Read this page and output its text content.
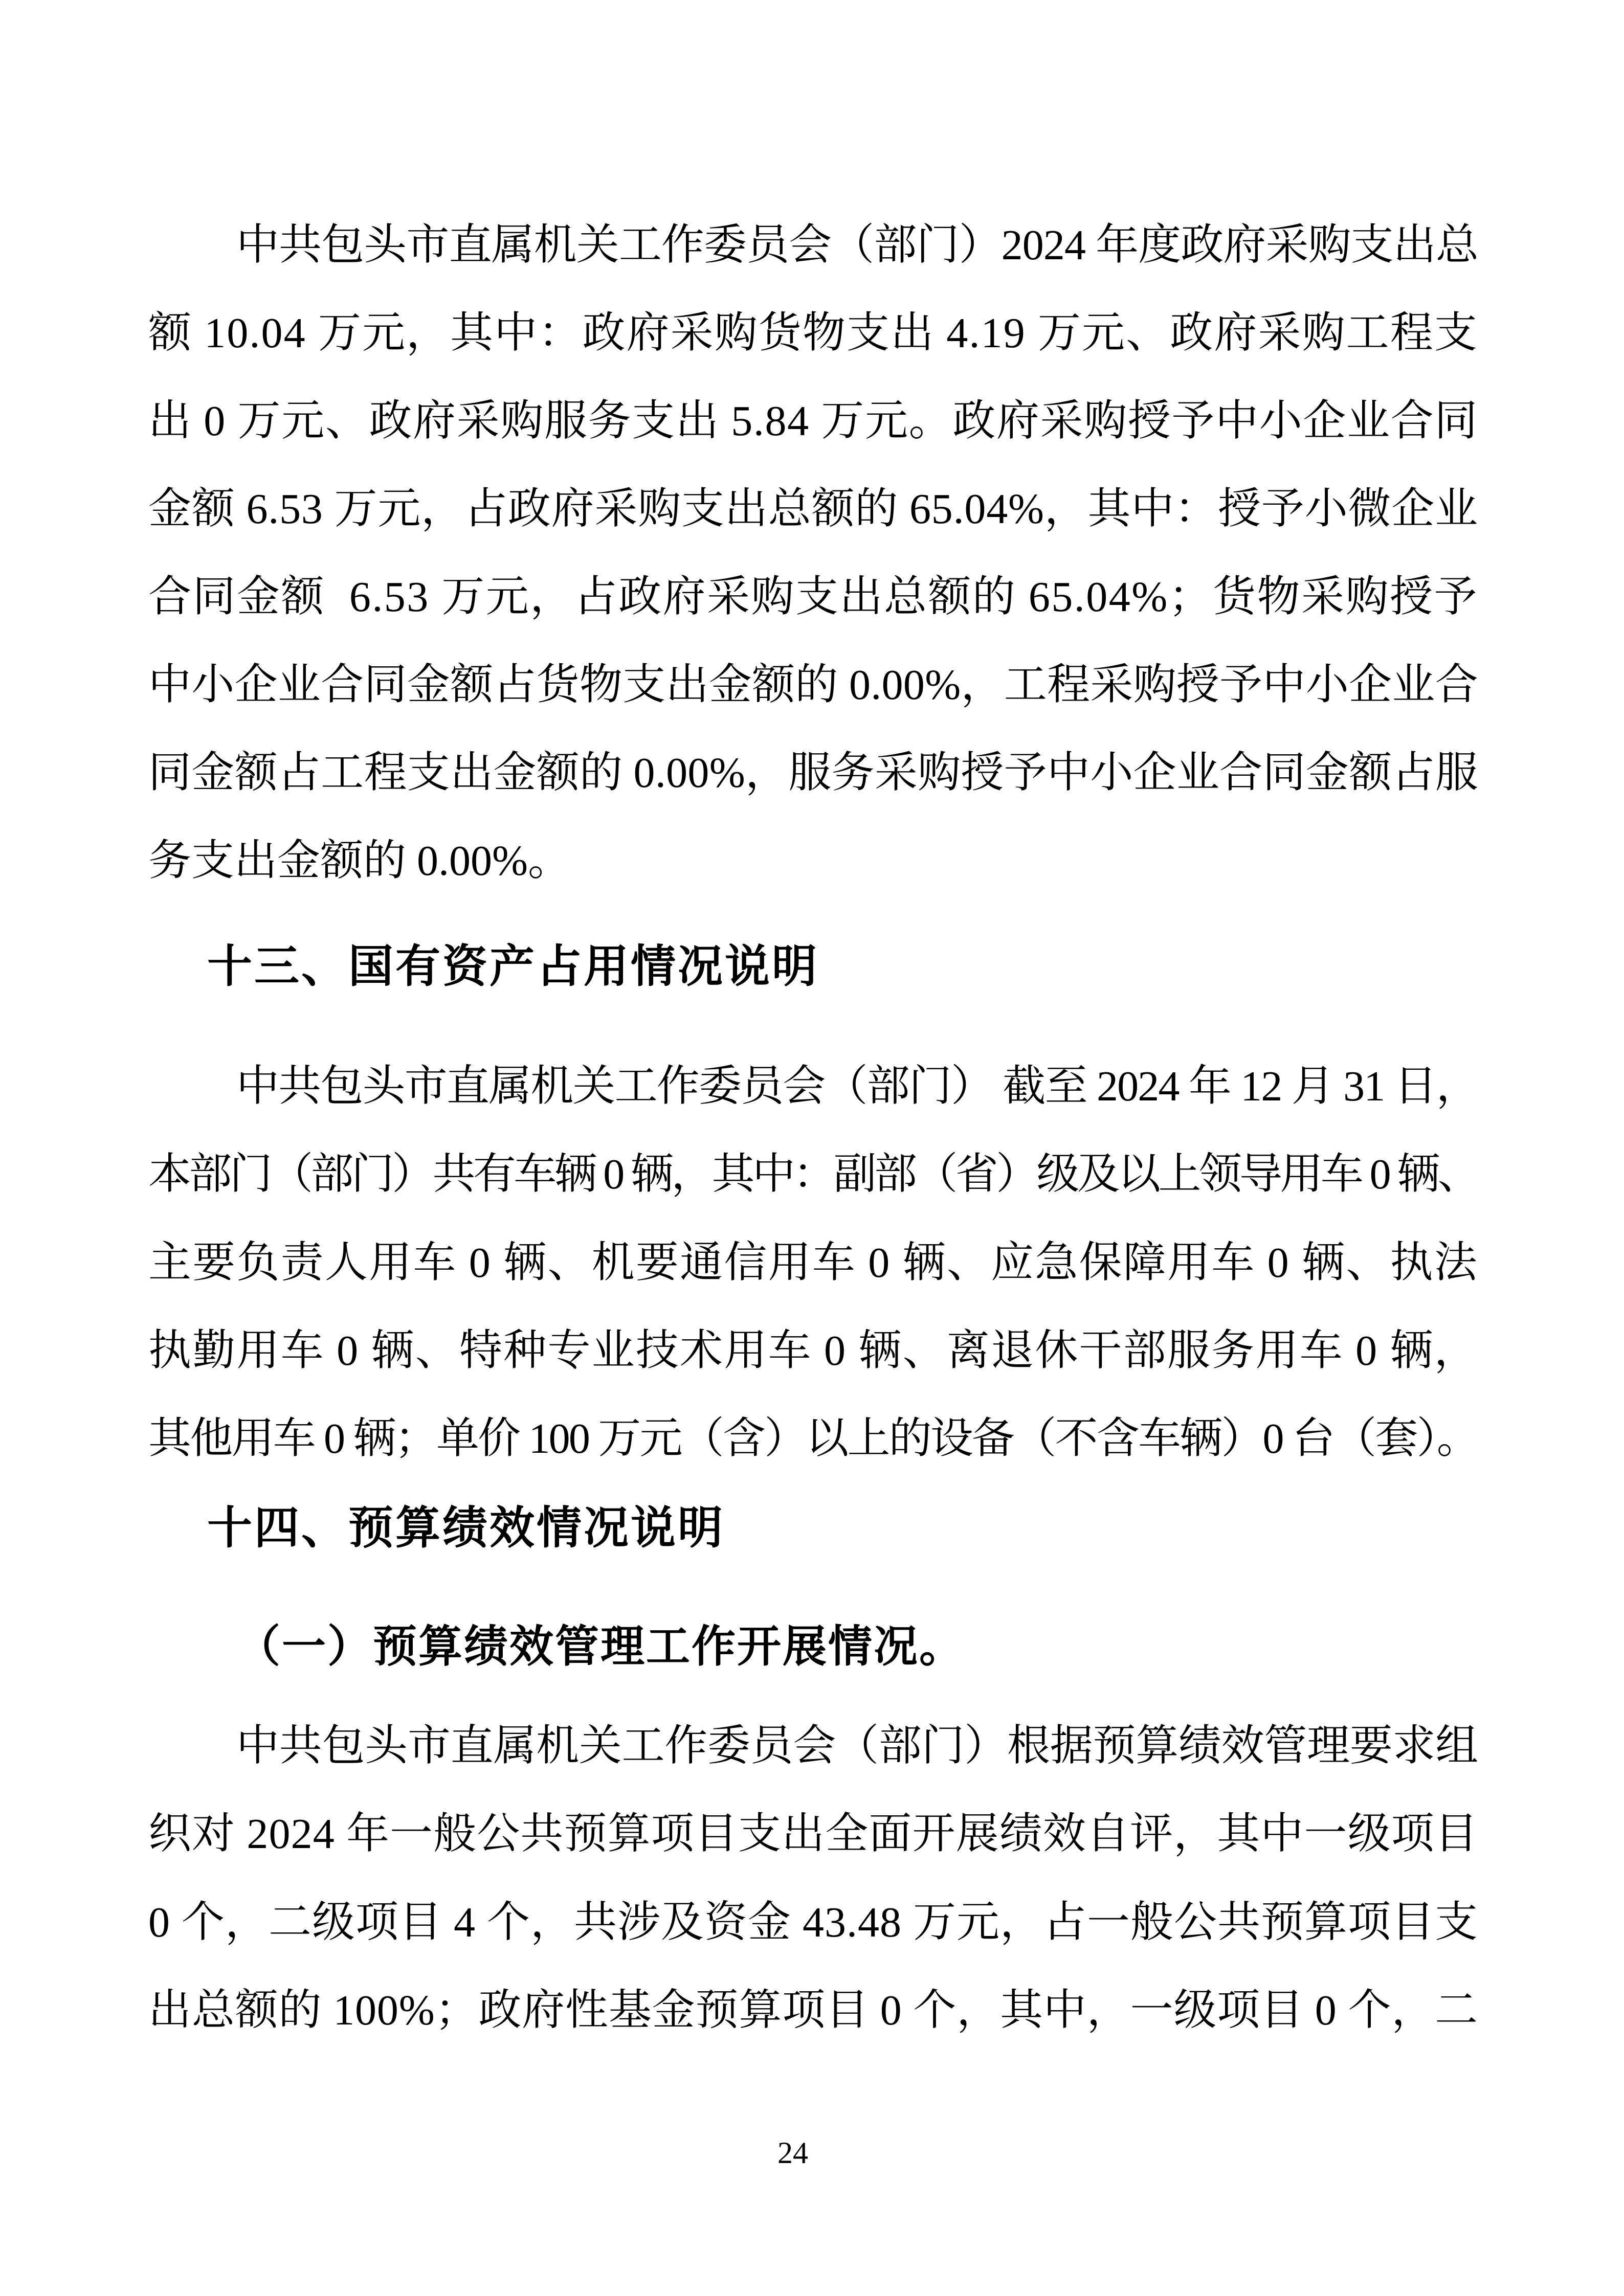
中共包头市直属机关工作委员会（部门）2024 年度政府采购支出总
额 10.04 万元，其中：政府采购货物支出 4.19 万元、政府采购工程支
出 0 万元、政府采购服务支出 5.84 万元。政府采购授予中小企业合同
金额 6.53 万元，占政府采购支出总额的 65.04%，其中：授予小微企业
合同金额  6.53 万元，占政府采购支出总额的 65.04%；货物采购授予
中小企业合同金额占货物支出金额的 0.00%，工程采购授予中小企业合
同金额占工程支出金额的 0.00%，服务采购授予中小企业合同金额占服
务支出金额的 0.00%。
十三、国有资产占用情况说明
中共包头市直属机关工作委员会（部门） 截至 2024 年 12 月 31 日，
本部门（部门）共有车辆 0 辆，其中：副部（省）级及以上领导用车 0 辆、
主要负责人用车 0 辆、机要通信用车 0 辆、应急保障用车 0 辆、执法
执勤用车 0 辆、特种专业技术用车 0 辆、离退休干部服务用车 0 辆，
其他用车 0 辆；单价 100 万元（含）以上的设备（不含车辆）0 台（套）。
十四、预算绩效情况说明
（一）预算绩效管理工作开展情况。
中共包头市直属机关工作委员会（部门）根据预算绩效管理要求组
织对 2024 年一般公共预算项目支出全面开展绩效自评，其中一级项目
0 个，二级项目 4 个，共涉及资金 43.48 万元，占一般公共预算项目支
出总额的 100%；政府性基金预算项目 0 个，其中，一级项目 0 个，二
24
